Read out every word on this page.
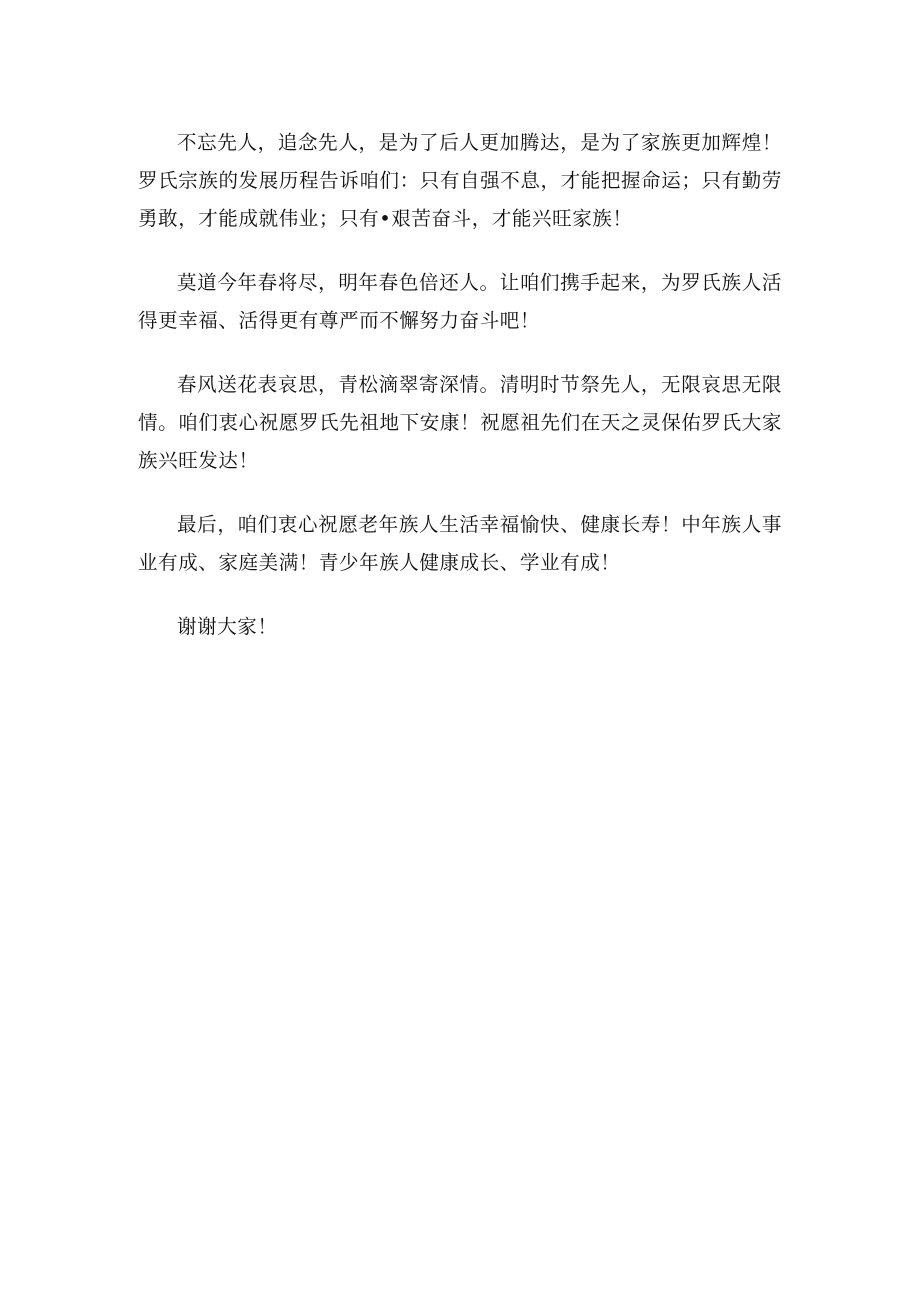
不忘先人，追念先人，是为了后人更加腾达，是为了家族更加辉煌！罗氏宗族的发展历程告诉咱们：只有自强不息，才能把握命运；只有勤劳勇敢，才能成就伟业；只有•艰苦奋斗，才能兴旺家族！

莫道今年春将尽，明年春色倍还人。让咱们携手起来，为罗氏族人活得更幸福、活得更有尊严而不懈努力奋斗吧！

春风送花表哀思，青松滴翠寄深情。清明时节祭先人，无限哀思无限情。咱们衷心祝愿罗氏先祖地下安康！祝愿祖先们在天之灵保佑罗氏大家族兴旺发达！

最后，咱们衷心祝愿老年族人生活幸福愉快、健康长寿！中年族人事业有成、家庭美满！青少年族人健康成长、学业有成！

谢谢大家！
